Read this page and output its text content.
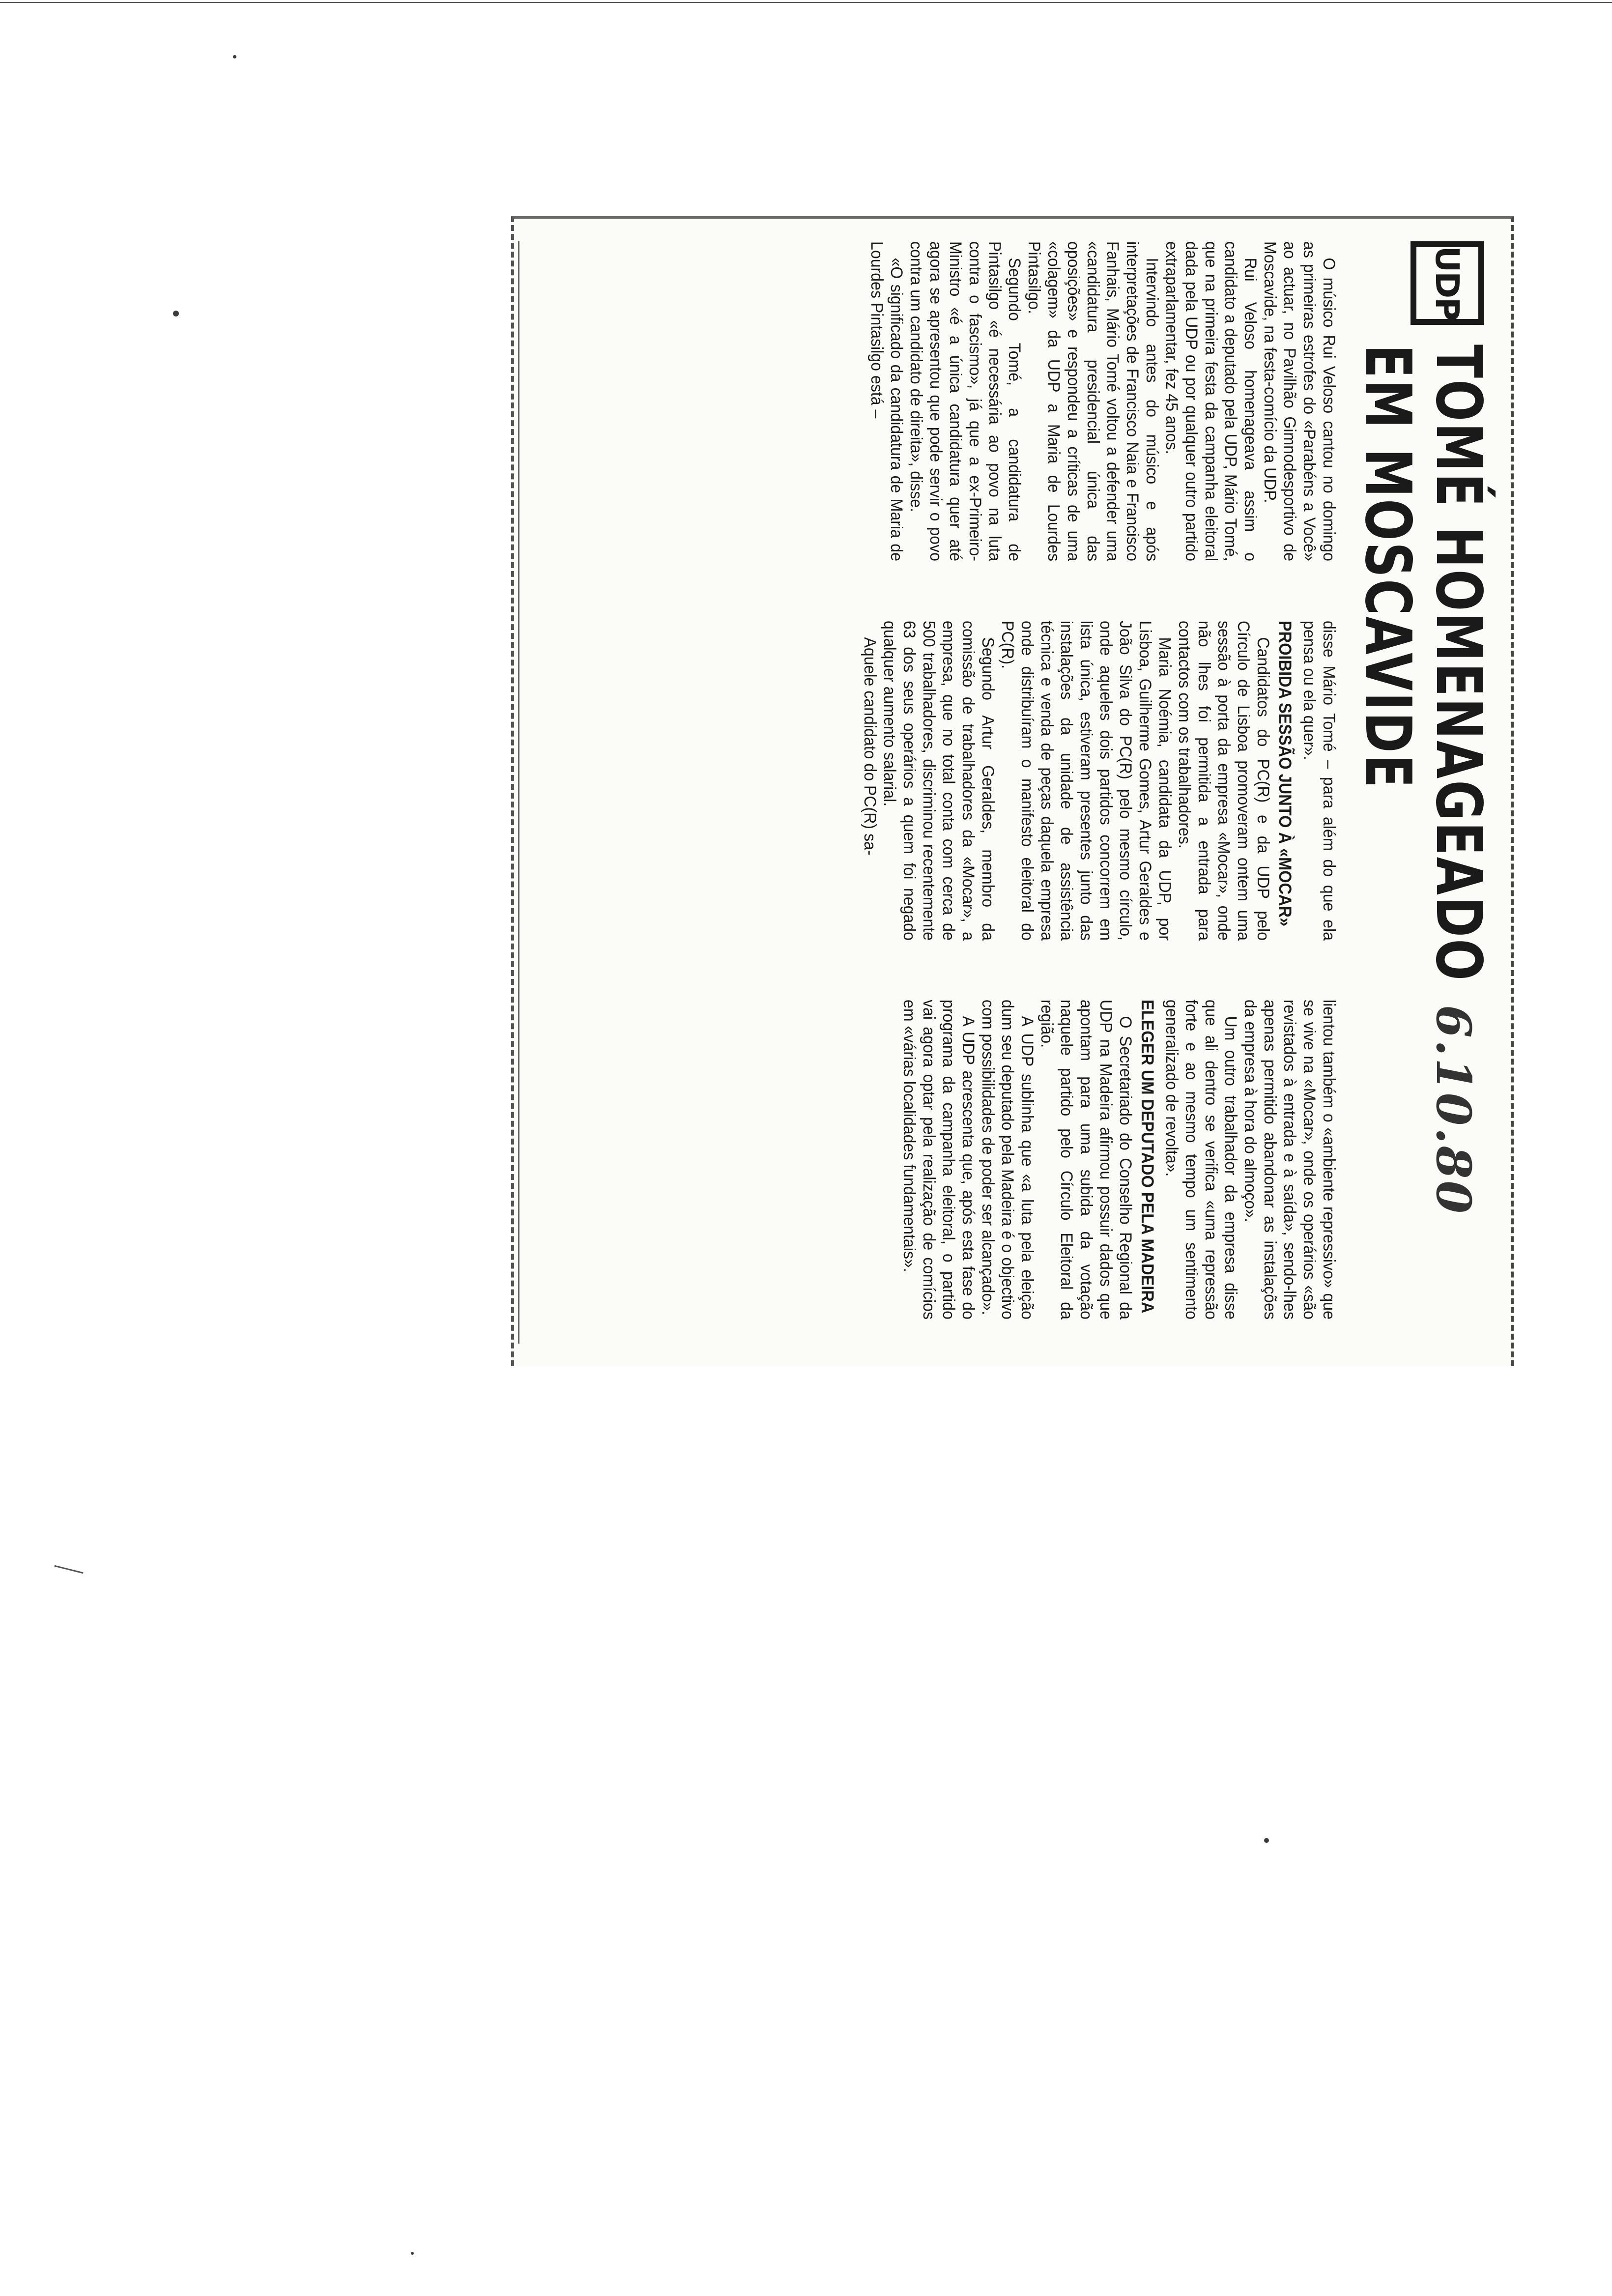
UDP
TOMÉ HOMENAGEADO6.10.80
EM MOSCAVIDE

O músico Rui Veloso cantou no domingo as primeiras estrofes do «Parabéns a Você» ao actuar, no Pavilhão Gimnodesportivo de Moscavide, na festa-comício da UDP.

Rui Veloso homenageava assim o candidato a deputado pela UDP, Mário Tomé, que na primeira festa da campanha eleitoral dada pela UDP ou por qualquer outro partido extraparlamentar, fez 45 anos.

Intervindo antes do músico e após interpretações de Francisco Naia e Francisco Fanhais, Mário Tomé voltou a defender uma «candidatura presidencial única das oposições» e respondeu a críticas de uma «colagem» da UDP a Maria de Lourdes Pintasilgo.

Segundo Tomé, a candidatura de Pintasilgo «é necessária ao povo na luta contra o fascismo», já que a ex-Primeiro-Ministro «é a única candidatura quer até agora se apresentou que pode servir o povo contra um candidato de direita», disse.

«O significado da candidatura de Maria de Lourdes Pintasilgo está –

disse Mário Tomé – para além do que ela pensa ou ela quer».

PROIBIDA SESSÃO JUNTO À «MOCAR»

Candidatos do PC(R) e da UDP pelo Círculo de Lisboa promoveram ontem uma sessão à porta da empresa «Mocar», onde não lhes foi permitida a entrada para contactos com os trabalhadores.

Maria Noémia, candidata da UDP, por Lisboa, Guilherme Gomes, Artur Geraldes e João Silva do PC(R) pelo mesmo círculo, onde aqueles dois partidos concorrem em lista única, estiveram presentes junto das instalações da unidade de assistência técnica e venda de peças daquela empresa onde distribuíram o manifesto eleitoral do PC(R).

Segundo Artur Geraldes, membro da comissão de trabalhadores da «Mocar», a empresa, que no total conta com cerca de 500 trabalhadores, discriminou recentemente 63 dos seus operários a quem foi negado qualquer aumento salarial.

Aquele candidato do PC(R) sa-

lientou também o «ambiente repressivo» que se vive na «Mocar», onde os operários «são revistados à entrada e à saída», sendo-lhes apenas permitido abandonar as instalações da empresa à hora do almoço».

Um outro trabalhador da empresa disse que ali dentro se verifica «uma repressão forte e ao mesmo tempo um sentimento generalizado de revolta».

ELEGER UM DEPUTADO PELA MADEIRA

O Secretariado do Conselho Regional da UDP na Madeira afirmou possuir dados que apontam para uma subida da votação naquele partido pelo Círculo Eleitoral da região.

A UDP sublinha que «a luta pela eleição dum seu deputado pela Madeira é o objectivo com possibilidades de poder ser alcançado».

A UDP acrescenta que, após esta fase do programa da campanha eleitoral, o partido vai agora optar pela realização de comícios em «várias localidades fundamentais».
